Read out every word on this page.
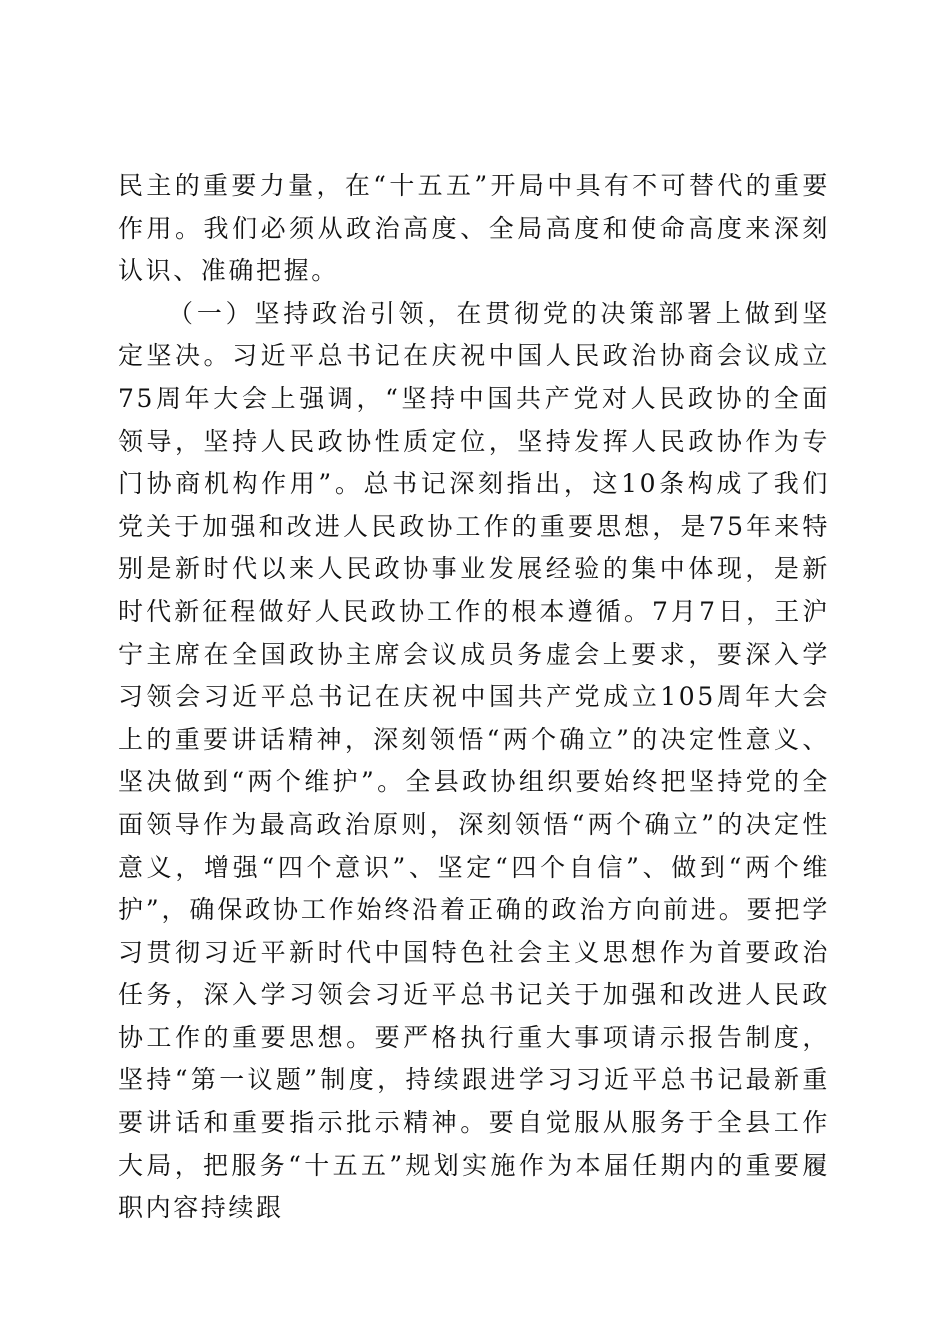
民主的重要力量，在“十五五”开局中具有不可替代的重要作用。我们必须从政治高度、全局高度和使命高度来深刻认识、准确把握。

（一）坚持政治引领，在贯彻党的决策部署上做到坚定坚决。习近平总书记在庆祝中国人民政治协商会议成立75周年大会上强调，“坚持中国共产党对人民政协的全面领导，坚持人民政协性质定位，坚持发挥人民政协作为专门协商机构作用”。总书记深刻指出，这10条构成了我们党关于加强和改进人民政协工作的重要思想，是75年来特别是新时代以来人民政协事业发展经验的集中体现，是新时代新征程做好人民政协工作的根本遵循。7月7日，王沪宁主席在全国政协主席会议成员务虚会上要求，要深入学习领会习近平总书记在庆祝中国共产党成立105周年大会上的重要讲话精神，深刻领悟“两个确立”的决定性意义、坚决做到“两个维护”。全县政协组织要始终把坚持党的全面领导作为最高政治原则，深刻领悟“两个确立”的决定性意义，增强“四个意识”、坚定“四个自信”、做到“两个维护”，确保政协工作始终沿着正确的政治方向前进。要把学习贯彻习近平新时代中国特色社会主义思想作为首要政治任务，深入学习领会习近平总书记关于加强和改进人民政协工作的重要思想。要严格执行重大事项请示报告制度，坚持“第一议题”制度，持续跟进学习习近平总书记最新重要讲话和重要指示批示精神。要自觉服从服务于全县工作大局，把服务“十五五”规划实施作为本届任期内的重要履职内容持续跟
